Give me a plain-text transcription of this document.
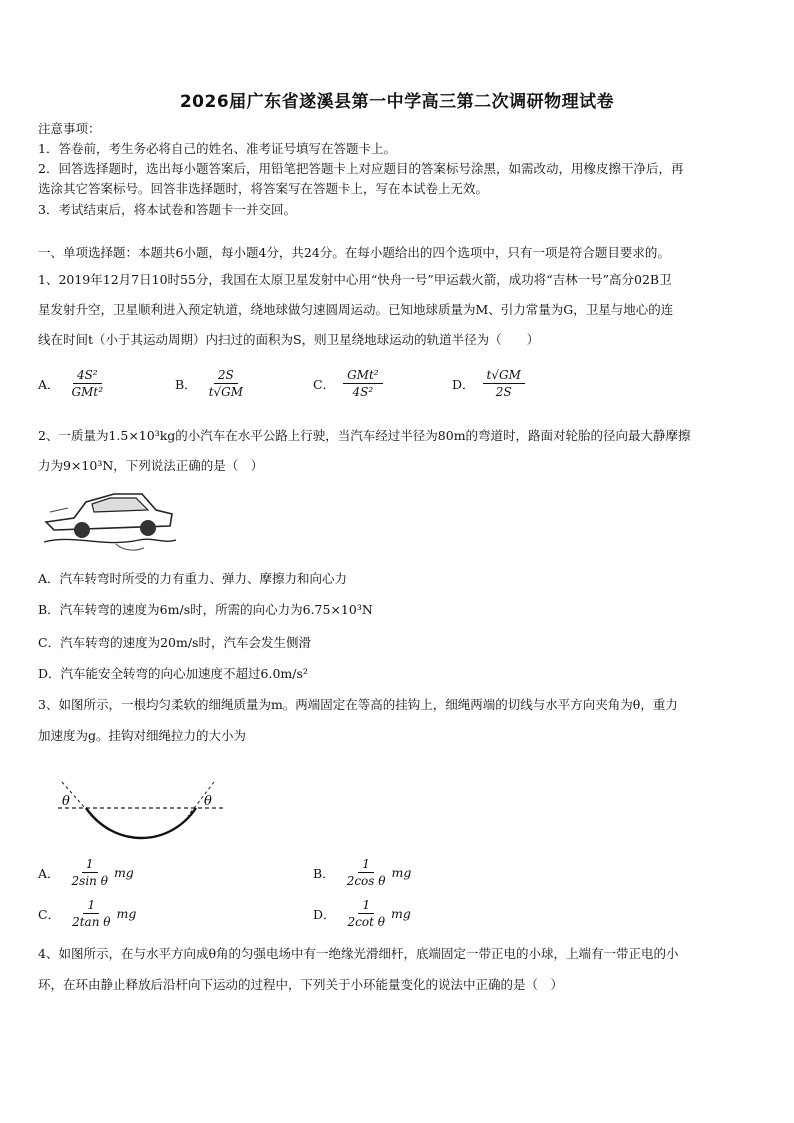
2026届广东省遂溪县第一中学高三第二次调研物理试卷
注意事项：
1．答卷前，考生务必将自己的姓名、准考证号填写在答题卡上。
2．回答选择题时，选出每小题答案后，用铅笔把答题卡上对应题目的答案标号涂黑，如需改动，用橡皮擦干净后，再
选涂其它答案标号。回答非选择题时，将答案写在答题卡上，写在本试卷上无效。
3．考试结束后，将本试卷和答题卡一并交回。
一、单项选择题：本题共6小题，每小题4分，共24分。在每小题给出的四个选项中，只有一项是符合题目要求的。
1、2019年12月7日10时55分，我国在太原卫星发射中心用“快舟一号”甲运载火箭，成功将“吉林一号”高分02B卫
星发射升空，卫星顺利进入预定轨道，绕地球做匀速圆周运动。已知地球质量为M、引力常量为G，卫星与地心的连
线在时间t（小于其运动周期）内扫过的面积为S，则卫星绕地球运动的轨道半径为（　　）
A． $\frac{\text{4S²}}{\text{GMt²}}$	B． $\frac{2S}{t√GM}$	C． $\frac{\text{GMt²}}{\text{4S²}}$	D． $\frac{t√GM}{2S}$
2、一质量为1.5×10³kg的小汽车在水平公路上行驶，当汽车经过半径为80m的弯道时，路面对轮胎的径向最大静摩擦
力为9×10³N，下列说法正确的是（　）
A．汽车转弯时所受的力有重力、弹力、摩擦力和向心力
B．汽车转弯的速度为6m/s时，所需的向心力为6.75×10³N
C．汽车转弯的速度为20m/s时，汽车会发生侧滑
D．汽车能安全转弯的向心加速度不超过6.0m/s²
3、如图所示，一根均匀柔软的细绳质量为m。两端固定在等高的挂钩上，细绳两端的切线与水平方向夹角为θ，重力
加速度为g。挂钩对细绳拉力的大小为
θ	θ
A． $\frac{1}{\text{2sin θ}}$ mg	B． $\frac{1}{\text{2cos θ}}$ mg
C． $\frac{1}{\text{2tan θ}}$ mg	D． $\frac{1}{\text{2cot θ}}$ mg
4、如图所示，在与水平方向成θ角的匀强电场中有一绝缘光滑细杆，底端固定一带正电的小球，上端有一带正电的小
环，在环由静止释放后沿杆向下运动的过程中，下列关于小环能量变化的说法中正确的是（　）
